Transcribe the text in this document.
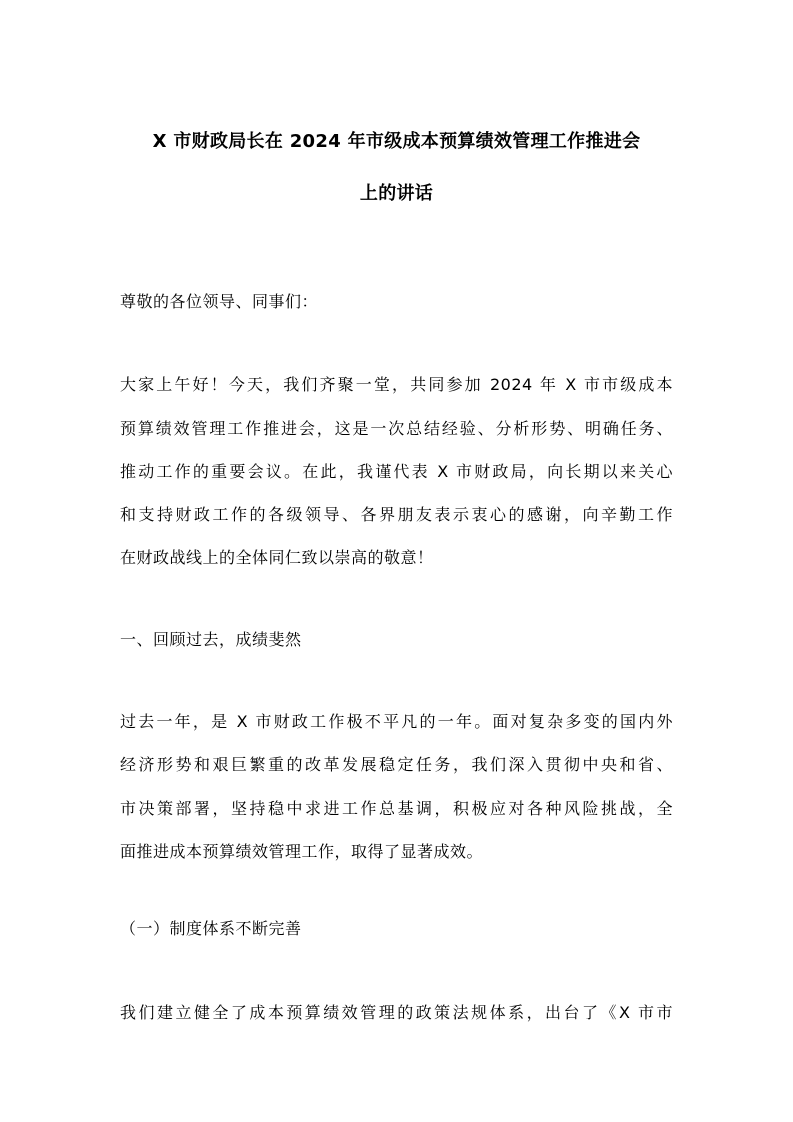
X 市财政局长在 2024 年市级成本预算绩效管理工作推进会
上的讲话
尊敬的各位领导、同事们：
大家上午好！今天，我们齐聚一堂，共同参加 2024 年 X 市市级成本
预算绩效管理工作推进会，这是一次总结经验、分析形势、明确任务、
推动工作的重要会议。在此，我谨代表 X 市财政局，向长期以来关心
和支持财政工作的各级领导、各界朋友表示衷心的感谢，向辛勤工作
在财政战线上的全体同仁致以崇高的敬意！
一、回顾过去，成绩斐然
过去一年，是 X 市财政工作极不平凡的一年。面对复杂多变的国内外
经济形势和艰巨繁重的改革发展稳定任务，我们深入贯彻中央和省、
市决策部署，坚持稳中求进工作总基调，积极应对各种风险挑战，全
面推进成本预算绩效管理工作，取得了显著成效。
（一）制度体系不断完善
我们建立健全了成本预算绩效管理的政策法规体系，出台了《X 市市
